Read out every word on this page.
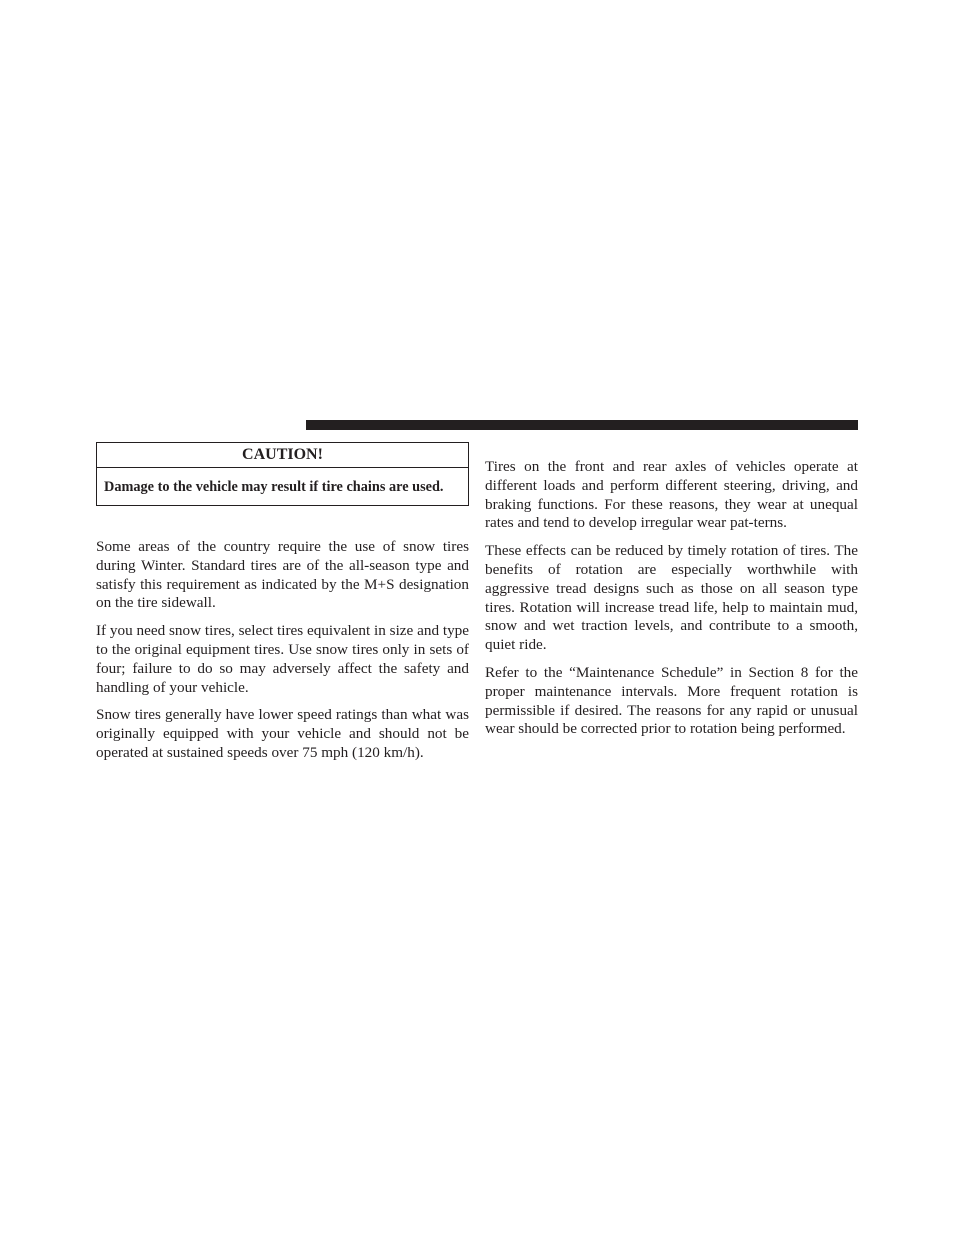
CAUTION!
Damage to the vehicle may result if tire chains are used.

Some areas of the country require the use of snow tires during Winter. Standard tires are of the all-season type and satisfy this requirement as indicated by the M+S designation on the tire sidewall.

If you need snow tires, select tires equivalent in size and type to the original equipment tires. Use snow tires only in sets of four; failure to do so may adversely affect the safety and handling of your vehicle.

Snow tires generally have lower speed ratings than what was originally equipped with your vehicle and should not be operated at sustained speeds over 75 mph (120 km/h).

Tires on the front and rear axles of vehicles operate at different loads and perform different steering, driving, and braking functions. For these reasons, they wear at unequal rates and tend to develop irregular wear pat-terns.

These effects can be reduced by timely rotation of tires. The benefits of rotation are especially worthwhile with aggressive tread designs such as those on all season type tires. Rotation will increase tread life, help to maintain mud, snow and wet traction levels, and contribute to a smooth, quiet ride.

Refer to the “Maintenance Schedule” in Section 8 for the proper maintenance intervals. More frequent rotation is permissible if desired. The reasons for any rapid or unusual wear should be corrected prior to rotation being performed.
